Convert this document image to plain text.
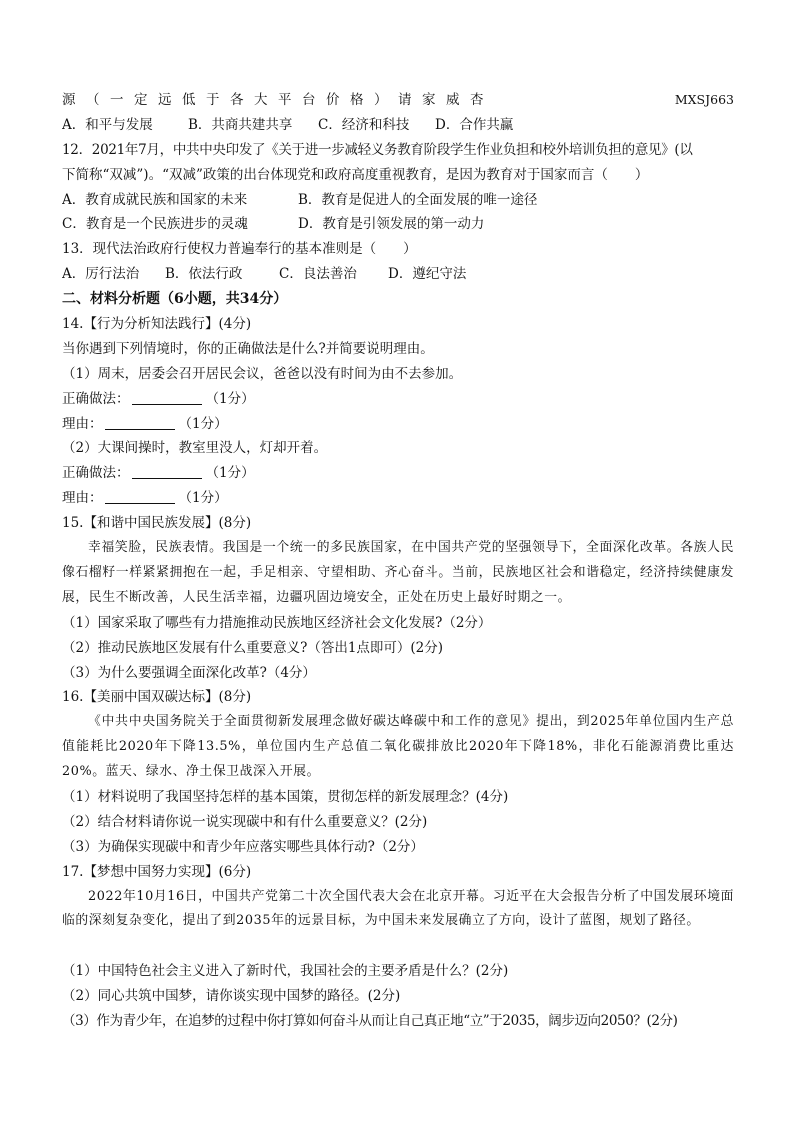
源（一定远低于各大平台价格）请家威杏	MXSJ663
A．和平与发展	B．共商共建共享	C．经济和科技	D．合作共赢
12．2021年7月，中共中央印发了《关于进一步减轻义务教育阶段学生作业负担和校外培训负担的意见》(以
下简称“双减”)。“双减”政策的出台体现党和政府高度重视教育，是因为教育对于国家而言（　　）
A．教育成就民族和国家的未来	B．教育是促进人的全面发展的唯一途径
C．教育是一个民族进步的灵魂	D．教育是引领发展的第一动力
13．现代法治政府行使权力普遍奉行的基本准则是（　　）
A．厉行法治	B．依法行政	C．良法善治	D．遵纪守法
二、材料分析题（6小题，共34分）
14.【行为分析知法践行】(4分)
当你遇到下列情境时，你的正确做法是什么?并简要说明理由。
（1）周末，居委会召开居民会议，爸爸以没有时间为由不去参加。
正确做法：	（1分）
理由：	（1分）
（2）大课间操时，教室里没人，灯却开着。
正确做法：	（1分）
理由：	（1分）
15.【和谐中国民族发展】(8分)

幸福笑脸，民族表情。我国是一个统一的多民族国家，在中国共产党的坚强领导下，全面深化改革。各族人民像石榴籽一样紧紧拥抱在一起，手足相亲、守望相助、齐心奋斗。当前，民族地区社会和谐稳定，经济持续健康发展，民生不断改善，人民生活幸福，边疆巩固边境安全，正处在历史上最好时期之一。

（1）国家采取了哪些有力措施推动民族地区经济社会文化发展?（2分）
（2）推动民族地区发展有什么重要意义?（答出1点即可）(2分)
（3）为什么要强调全面深化改革?（4分）
16.【美丽中国双碳达标】(8分)

《中共中央国务院关于全面贯彻新发展理念做好碳达峰碳中和工作的意见》提出，到2025年单位国内生产总值能耗比2020年下降13.5%，单位国内生产总值二氧化碳排放比2020年下降18%，非化石能源消费比重达20%。蓝天、绿水、净土保卫战深入开展。

（1）材料说明了我国坚持怎样的基本国策，贯彻怎样的新发展理念？(4分)
（2）结合材料请你说一说实现碳中和有什么重要意义？(2分)
（3）为确保实现碳中和青少年应落实哪些具体行动?（2分）
17.【梦想中国努力实现】(6分)

2022年10月16日，中国共产党第二十次全国代表大会在北京开幕。习近平在大会报告分析了中国发展环境面临的深刻复杂变化，提出了到2035年的远景目标，为中国未来发展确立了方向，设计了蓝图，规划了路径。

（1）中国特色社会主义进入了新时代，我国社会的主要矛盾是什么？(2分)
（2）同心共筑中国梦，请你谈实现中国梦的路径。(2分)
（3）作为青少年，在追梦的过程中你打算如何奋斗从而让自己真正地“立”于2035，阔步迈向2050？(2分)
